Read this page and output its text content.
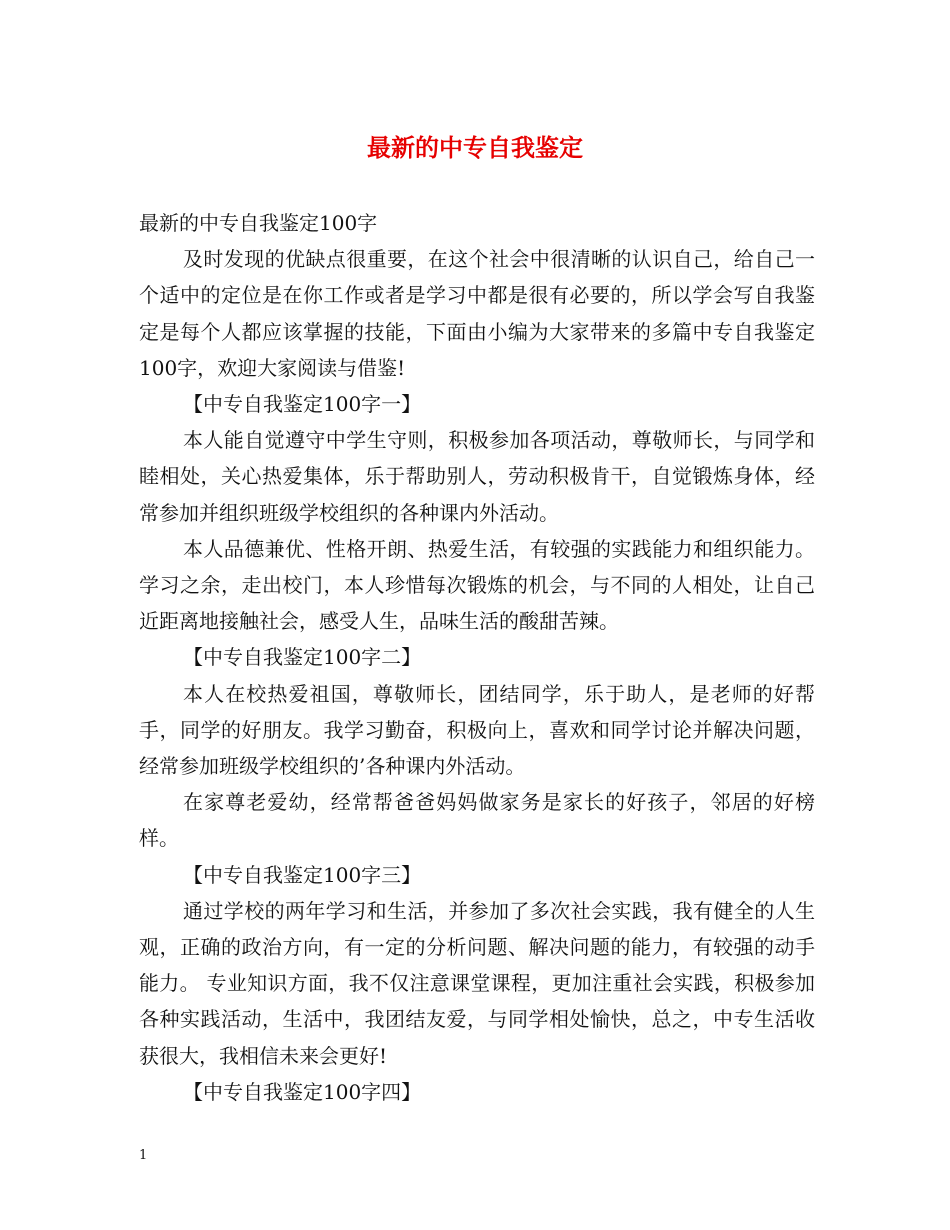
最新的中专自我鉴定

最新的中专自我鉴定100字

及时发现的优缺点很重要，在这个社会中很清晰的认识自己，给自己一个适中的定位是在你工作或者是学习中都是很有必要的，所以学会写自我鉴定是每个人都应该掌握的技能，下面由小编为大家带来的多篇中专自我鉴定100字，欢迎大家阅读与借鉴!

【中专自我鉴定100字一】

本人能自觉遵守中学生守则，积极参加各项活动，尊敬师长，与同学和睦相处，关心热爱集体，乐于帮助别人，劳动积极肯干，自觉锻炼身体，经常参加并组织班级学校组织的各种课内外活动。

本人品德兼优、性格开朗、热爱生活，有较强的实践能力和组织能力。学习之余，走出校门，本人珍惜每次锻炼的机会，与不同的人相处，让自己近距离地接触社会，感受人生，品味生活的酸甜苦辣。

【中专自我鉴定100字二】

本人在校热爱祖国，尊敬师长，团结同学，乐于助人，是老师的好帮手，同学的好朋友。我学习勤奋，积极向上，喜欢和同学讨论并解决问题，经常参加班级学校组织的’各种课内外活动。

在家尊老爱幼，经常帮爸爸妈妈做家务是家长的好孩子，邻居的好榜样。

【中专自我鉴定100字三】

通过学校的两年学习和生活，并参加了多次社会实践，我有健全的人生观，正确的政治方向，有一定的分析问题、解决问题的能力，有较强的动手能力。 专业知识方面，我不仅注意课堂课程，更加注重社会实践，积极参加各种实践活动，生活中，我团结友爱，与同学相处愉快，总之，中专生活收获很大，我相信未来会更好!

【中专自我鉴定100字四】

1
